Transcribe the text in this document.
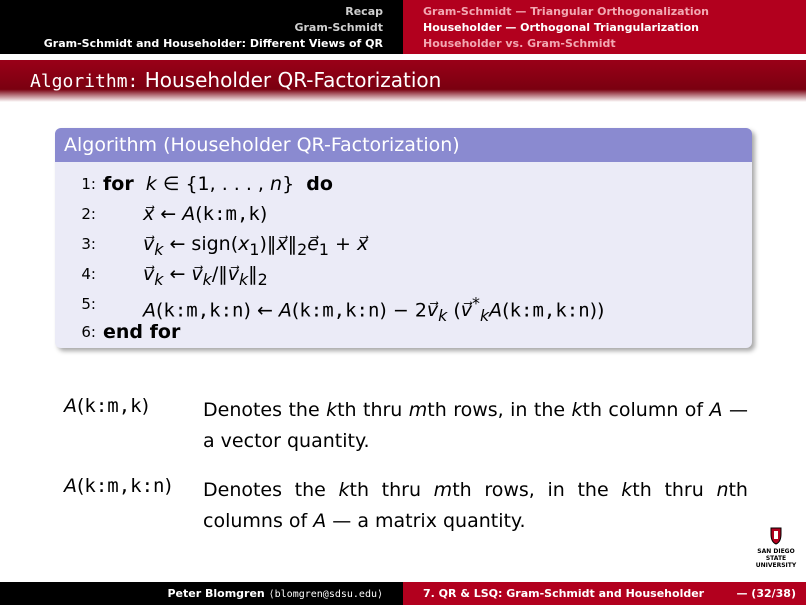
Recap
Gram-Schmidt
Gram-Schmidt and Householder: Different Views of QR
Gram-Schmidt — Triangular Orthogonalization
Householder — Orthogonal Triangularization
Householder vs. Gram-Schmidt
Algorithm: Householder QR-Factorization
Algorithm (Householder QR-Factorization)
1: for k ∈ {1, . . . , n}  do
2: x⃗ ← A(k:m,k)
3: $v⃗_k$ ← $sign(x_1)‖x⃗‖_2e⃗_1$ + x⃗
4: $v⃗_k$ ← $v⃗_k/‖v⃗_k‖_2$
5: A(k:m,k:n) ← A(k:m,k:n) − $2v⃗_k$ $(v⃗^*_kA(k:m,k:n))$
6: end for
A(k:m,k)	Denotes the kth thru mth rows, in the kth column of A — a vector quantity.
A(k:m,k:n) Denotes the kth thru mth rows, in the kth thru nth columns of A — a matrix quantity.
SAN DIEGO STATE
UNIVERSITY
Peter Blomgren ⟨blomgren@sdsu.edu⟩	7. QR & LSQ: Gram-Schmidt and Householder	— (32/38)
